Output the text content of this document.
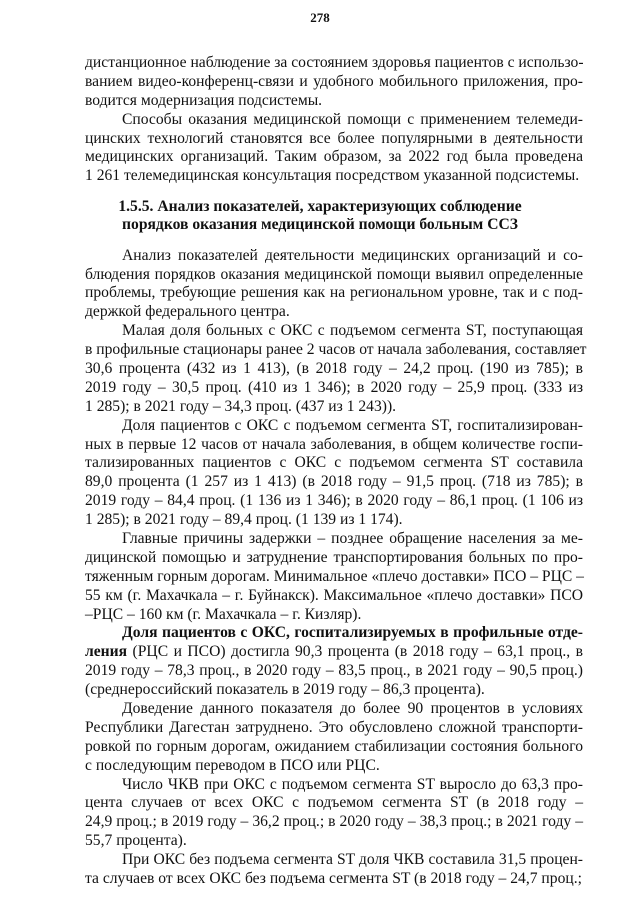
278
дистанционное наблюдение за состоянием здоровья пациентов с использо-
ванием видео-конференц-связи и удобного мобильного приложения, про-
водится модернизация подсистемы.
Способы оказания медицинской помощи с применением телемеди-
цинских технологий становятся все более популярными в деятельности
медицинских организаций. Таким образом, за 2022 год была проведена
1 261 телемедицинская консультация посредством указанной подсистемы.
1.5.5. Анализ показателей, характеризующих соблюдение
порядков оказания медицинской помощи больным ССЗ
Анализ показателей деятельности медицинских организаций и со-
блюдения порядков оказания медицинской помощи выявил определенные
проблемы, требующие решения как на региональном уровне, так и с под-
держкой федерального центра.
Малая доля больных с ОКС с подъемом сегмента ST, поступающая
в профильные стационары ранее 2 часов от начала заболевания, составляет
30,6 процента (432 из 1 413), (в 2018 году – 24,2 проц. (190 из 785); в
2019 году – 30,5 проц. (410 из 1 346); в 2020 году – 25,9 проц. (333 из
1 285); в 2021 году – 34,3 проц. (437 из 1 243)).
Доля пациентов с ОКС с подъемом сегмента ST, госпитализирован-
ных в первые 12 часов от начала заболевания, в общем количестве госпи-
тализированных пациентов с ОКС с подъемом сегмента ST составила
89,0 процента (1 257 из 1 413) (в 2018 году – 91,5 проц. (718 из 785); в
2019 году – 84,4 проц. (1 136 из 1 346); в 2020 году – 86,1 проц. (1 106 из
1 285); в 2021 году – 89,4 проц. (1 139 из 1 174).
Главные причины задержки – позднее обращение населения за ме-
дицинской помощью и затруднение транспортирования больных по про-
тяженным горным дорогам. Минимальное «плечо доставки» ПСО – РЦС –
55 км (г. Махачкала – г. Буйнакск). Максимальное «плечо доставки» ПСО
–РЦС – 160 км (г. Махачкала – г. Кизляр).
Доля пациентов с ОКС, госпитализируемых в профильные отде-
ления (РЦС и ПСО) достигла 90,3 процента (в 2018 году – 63,1 проц., в
2019 году – 78,3 проц., в 2020 году – 83,5 проц., в 2021 году – 90,5 проц.)
(среднероссийский показатель в 2019 году – 86,3 процента).
Доведение данного показателя до более 90 процентов в условиях
Республики Дагестан затруднено. Это обусловлено сложной транспорти-
ровкой по горным дорогам, ожиданием стабилизации состояния больного
с последующим переводом в ПСО или РЦС.
Число ЧКВ при ОКС с подъемом сегмента ST выросло до 63,3 про-
цента случаев от всех ОКС с подъемом сегмента ST (в 2018 году –
24,9 проц.; в 2019 году – 36,2 проц.; в 2020 году – 38,3 проц.; в 2021 году –
55,7 процента).
При ОКС без подъема сегмента ST доля ЧКВ составила 31,5 процен-
та случаев от всех ОКС без подъема сегмента ST (в 2018 году – 24,7 проц.;
